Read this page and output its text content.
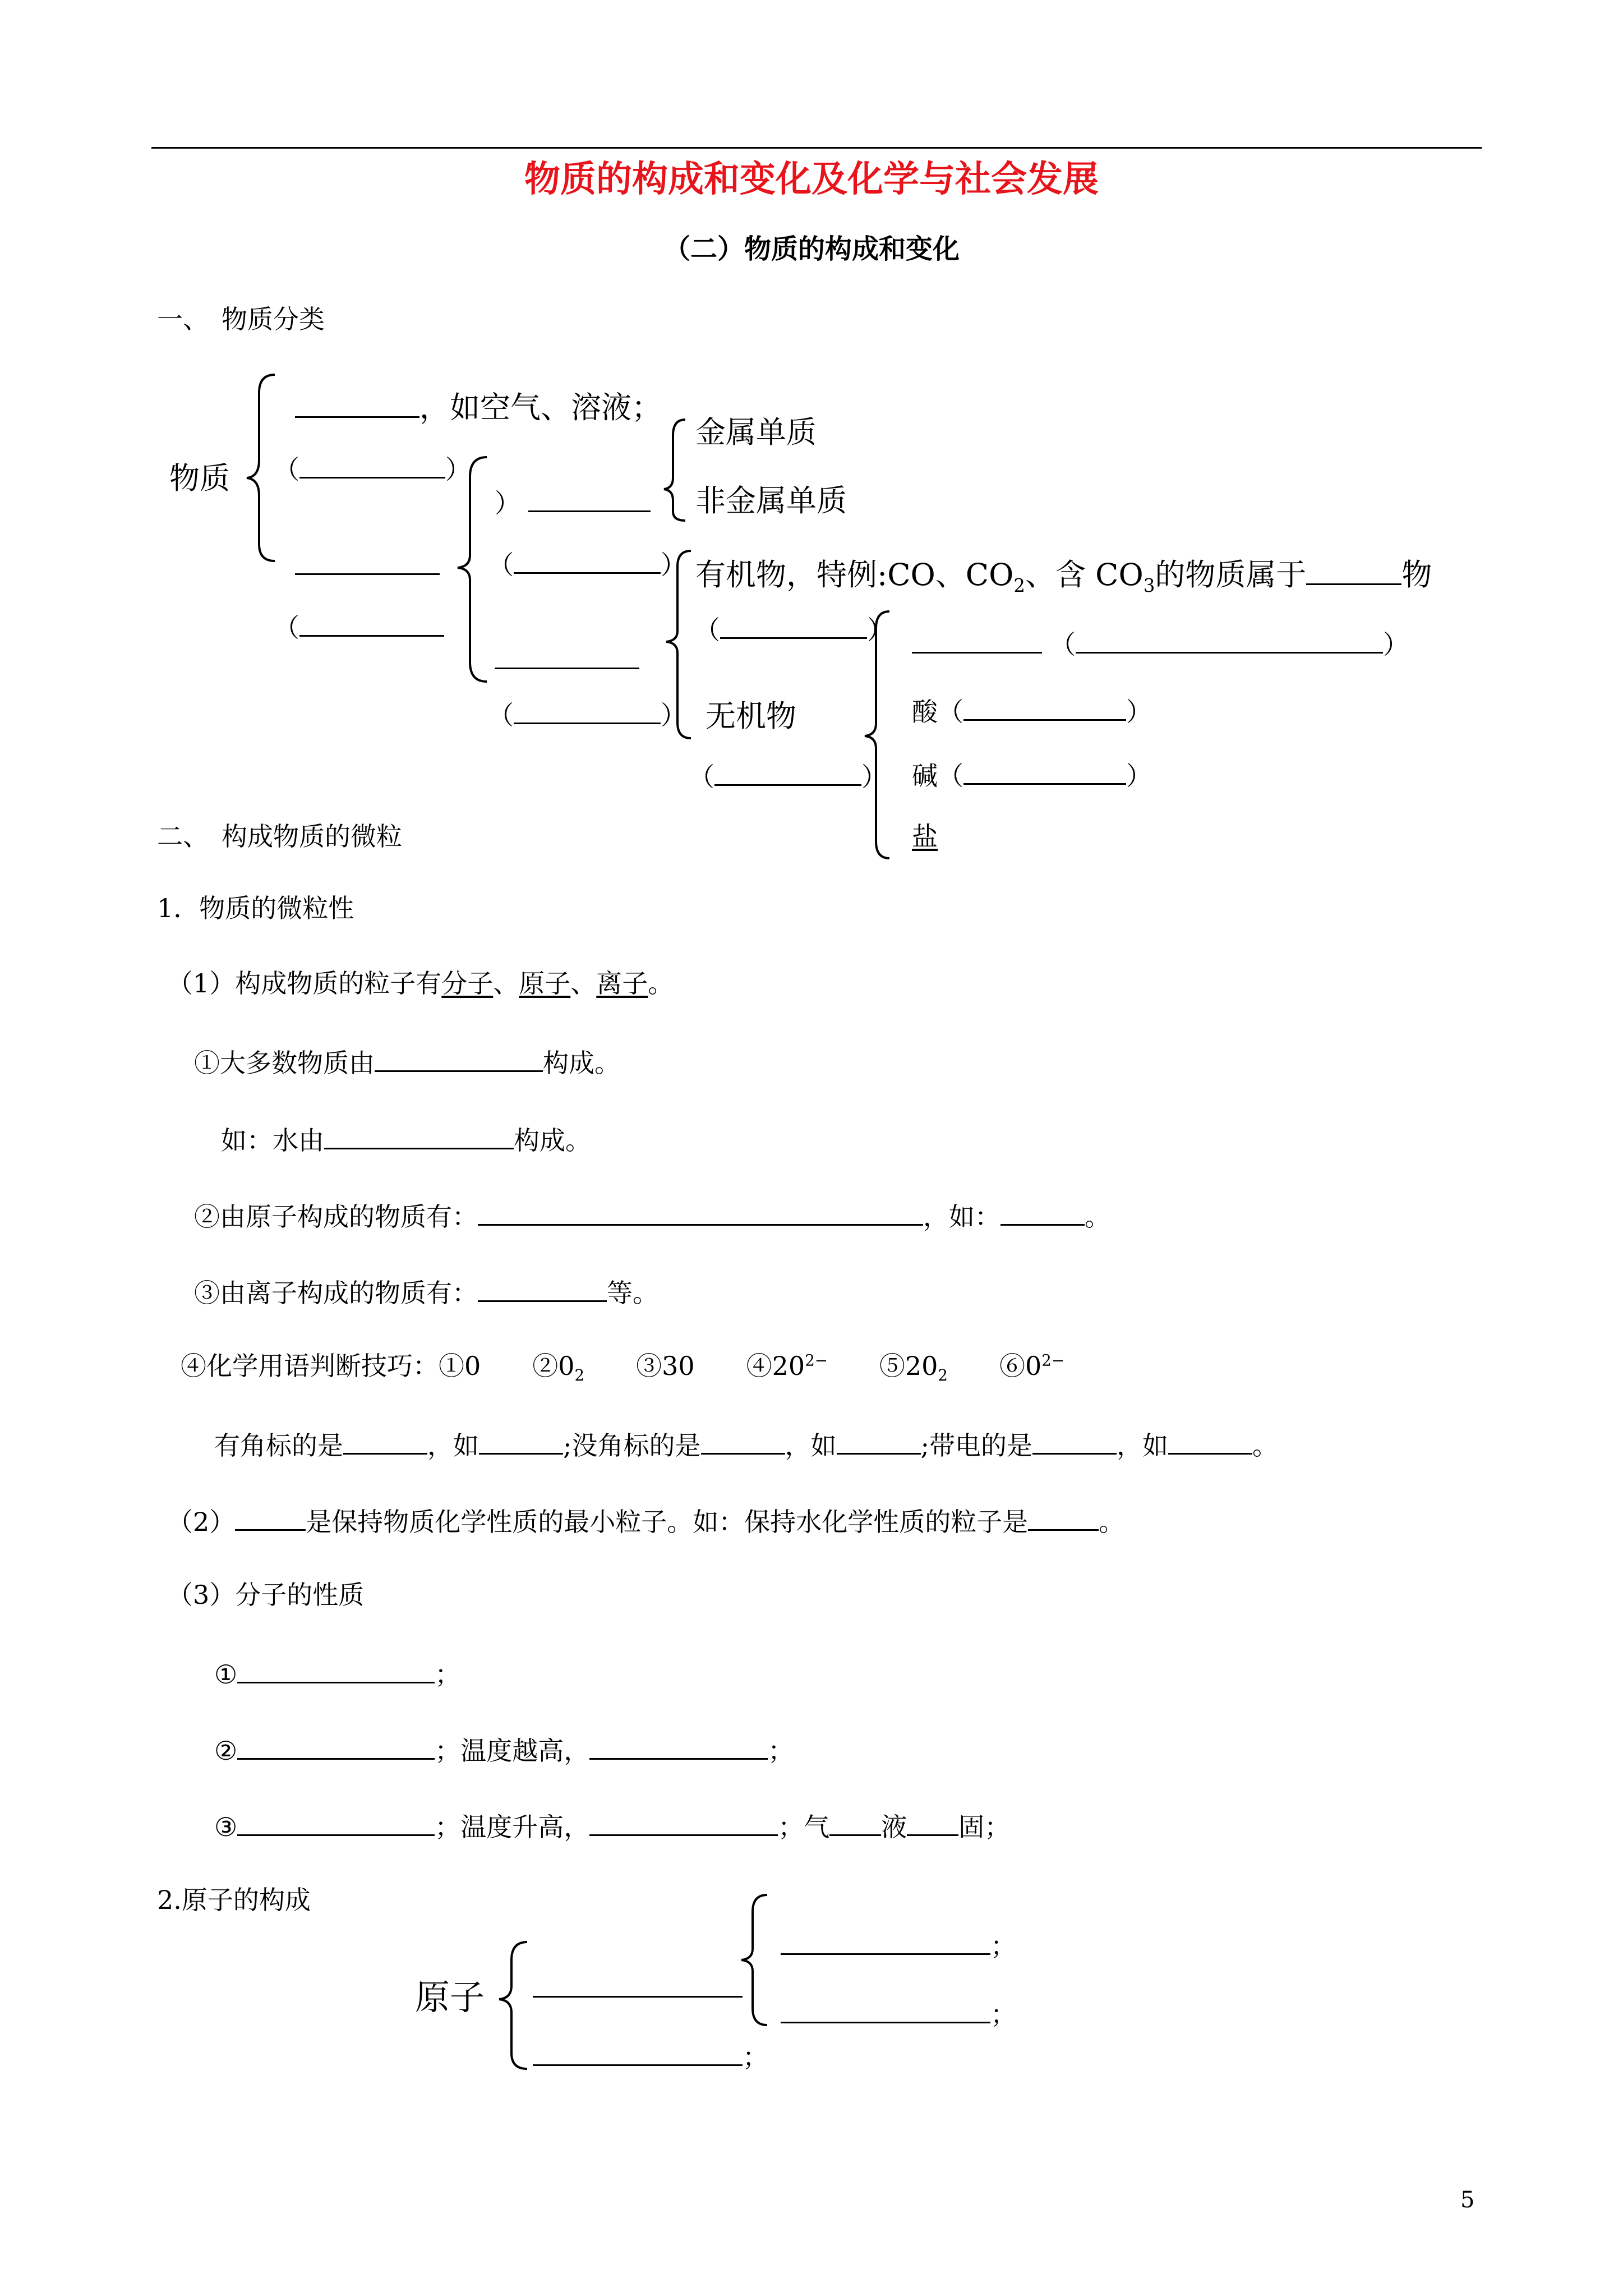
物质的构成和变化及化学与社会发展
（二）物质的构成和变化
一、　物质分类
物质
，如空气、溶液；
（	）
金属单质
非金属单质
）
（	） 有机物，特例:CO、$CO_2$、含 $CO_3$的物质属于	物
（	（	）	（	）
无机物	酸（	）
（	）
碱（	）
（	）
盐
二、　构成物质的微粒
1．物质的微粒性
（1）构成物质的粒子有分子、原子、离子。
①大多数物质由	构成。
如：水由	构成。
②由原子构成的物质有：	，如：	。
③由离子构成的物质有：	等。
④化学用语判断技巧：①0　　$②0_2$　　③30　　$④20^{2-}$　　$⑤20_2$　　$⑥0^{2-}$
有角标的是	，如	;没角标的是	，如	;带电的是	，如	。
（2）	是保持物质化学性质的最小粒子。如：保持水化学性质的粒子是	。
（3）分子的性质
①	；
②	；温度越高，	；
③	；温度升高，	；气 液 固；
2.原子的构成
原子
；
；
；
5
